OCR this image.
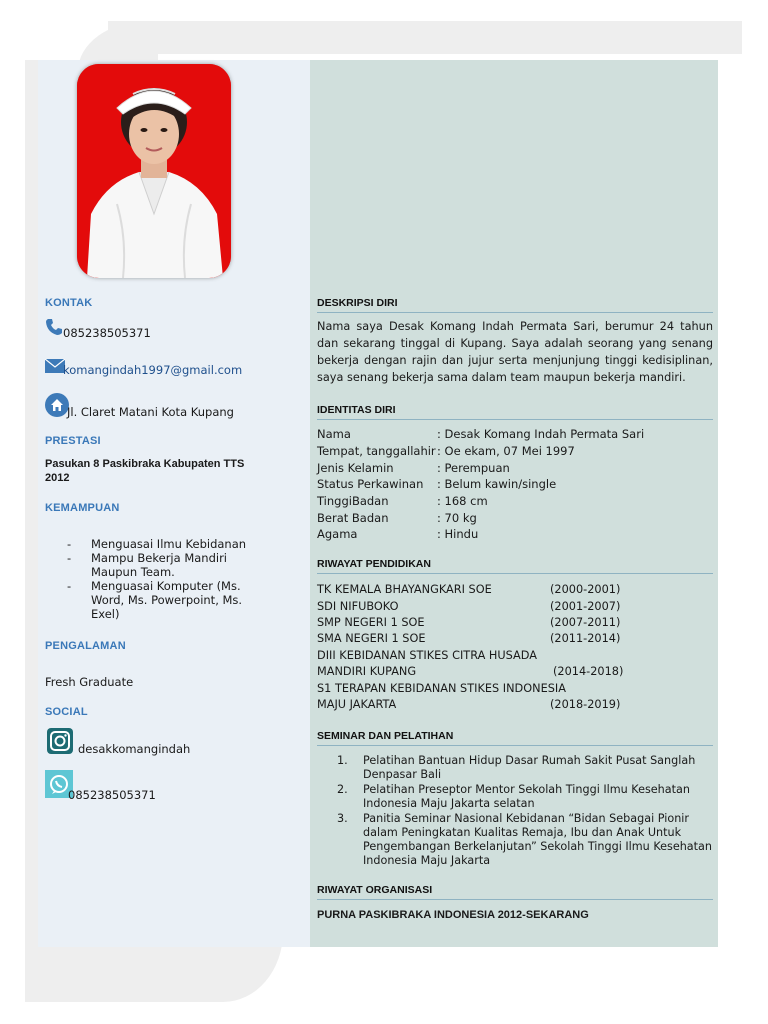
KONTAK
085238505371
komangindah1997@gmail.com
Jl. Claret Matani Kota Kupang
PRESTASI
Pasukan 8 Paskibraka Kabupaten TTS
2012
KEMAMPUAN
- Menguasai Ilmu Kebidanan
- Mampu Bekerja Mandiri
Maupun Team.
- Menguasai Komputer (Ms.
Word, Ms. Powerpoint, Ms.
Exel)
PENGALAMAN
Fresh Graduate
SOCIAL
desakkomangindah
085238505371
DESKRIPSI DIRI
Nama saya Desak Komang Indah Permata Sari, berumur 24 tahun dan sekarang tinggal di Kupang. Saya adalah seorang yang senang bekerja dengan rajin dan jujur serta menjunjung tinggi kedisiplinan, saya senang bekerja sama dalam team maupun bekerja mandiri.
IDENTITAS DIRI
Nama	: Desak Komang Indah Permata Sari
Tempat, tanggallahir : Oe ekam, 07 Mei 1997
Jenis Kelamin	: Perempuan
Status Perkawinan : Belum kawin/single
TinggiBadan	: 168 cm
Berat Badan	: 70 kg
Agama	: Hindu
RIWAYAT PENDIDIKAN
TK KEMALA BHAYANGKARI SOE	(2000-2001)
SDI NIFUBOKO	(2001-2007)
SMP NEGERI 1 SOE	(2007-2011)
SMA NEGERI 1 SOE	(2011-2014)
DIII KEBIDANAN STIKES CITRA HUSADA
MANDIRI KUPANG	(2014-2018)
S1 TERAPAN KEBIDANAN STIKES INDONESIA
MAJU JAKARTA	(2018-2019)
SEMINAR DAN PELATIHAN
1. Pelatihan Bantuan Hidup Dasar Rumah Sakit Pusat Sanglah
Denpasar Bali
2. Pelatihan Preseptor Mentor Sekolah Tinggi Ilmu Kesehatan
Indonesia Maju Jakarta selatan
3. Panitia Seminar Nasional Kebidanan “Bidan Sebagai Pionir
dalam Peningkatan Kualitas Remaja, Ibu dan Anak Untuk
Pengembangan Berkelanjutan” Sekolah Tinggi Ilmu Kesehatan
Indonesia Maju Jakarta
RIWAYAT ORGANISASI
PURNA PASKIBRAKA INDONESIA 2012-SEKARANG
